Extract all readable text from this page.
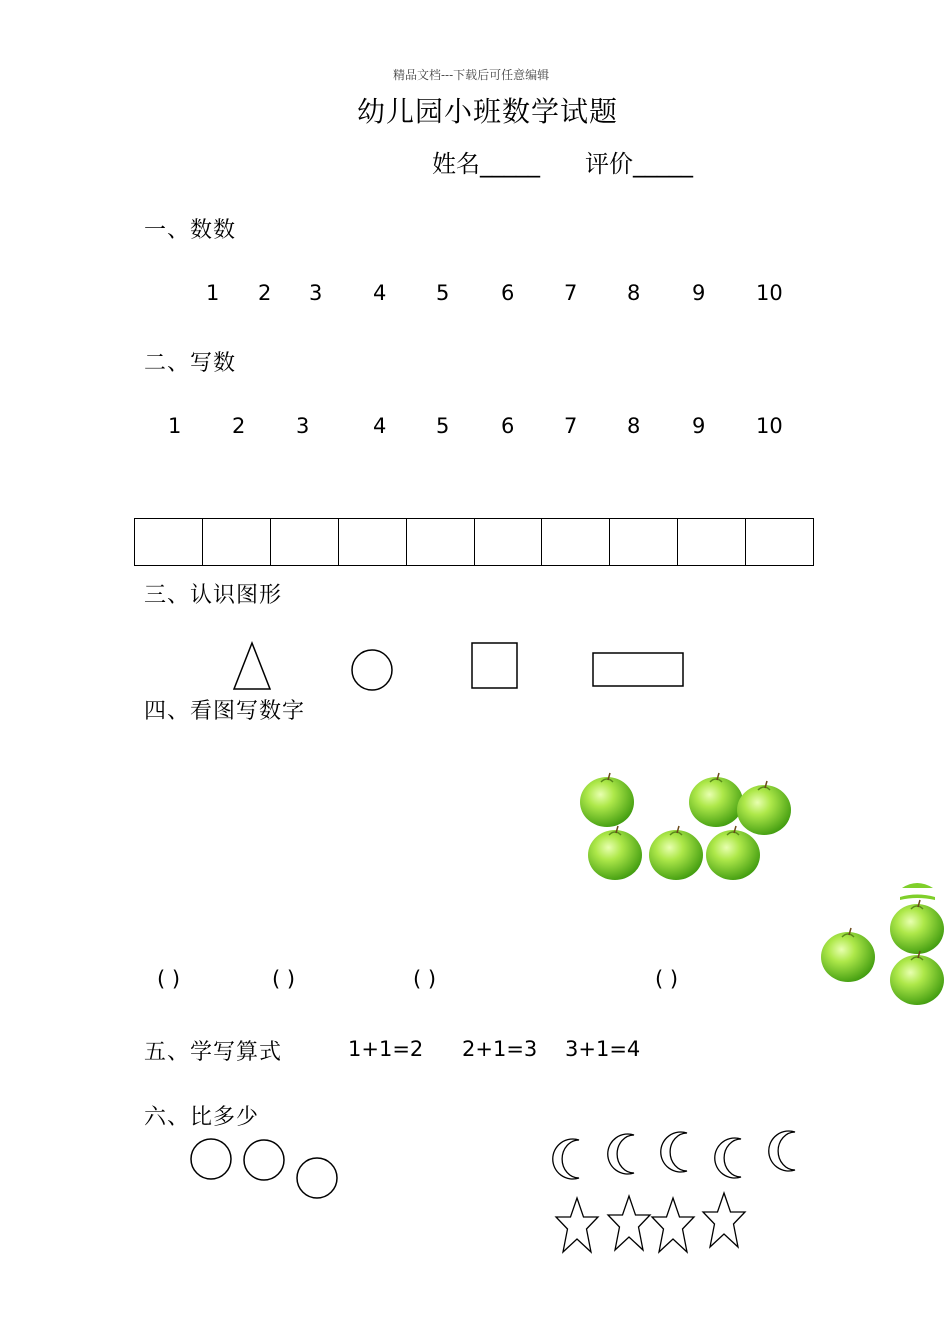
精品文档---下载后可任意编辑
幼儿园小班数学试题
姓名_____ 评价_____
一、数数
1 2 3 4 5 6 7 8 9 10
二、写数
1 2 3	4 5 6 7 8 9 10
三、认识图形
四、看图写数字
( )	( )	( )	( )
五、学写算式	1+1=2 2+1=3 3+1=4
六、比多少
